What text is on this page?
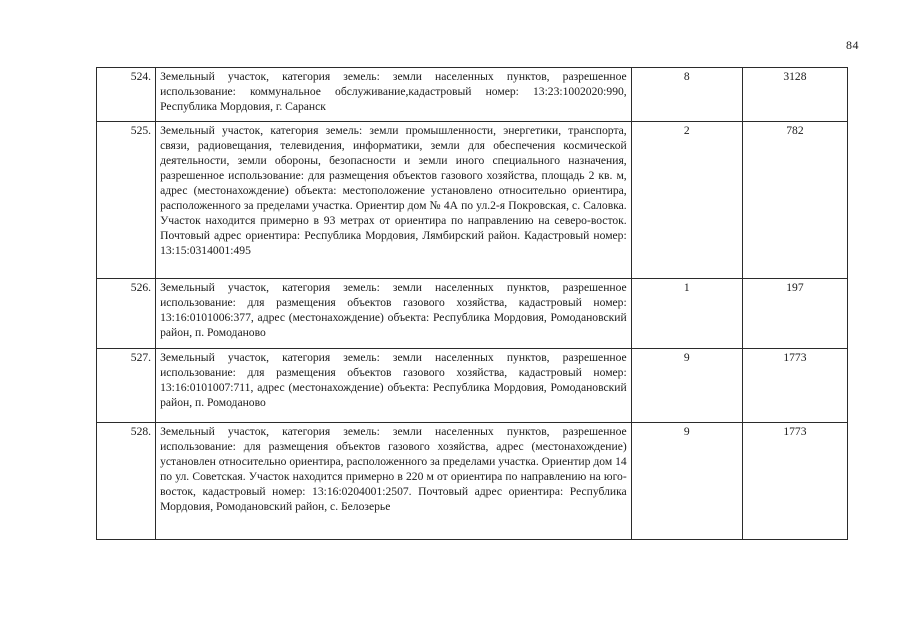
84
524.	Земельный участок, категория земель: земли населенных пунктов, разрешенное использование: коммунальное обслуживание,кадастровый номер: 13:23:1002020:990, Республика Мордовия, г. Саранск	8	3128
525.	Земельный участок, категория земель: земли промышленности, энергетики, транспорта, связи, радиовещания, телевидения, информатики, земли для обеспечения космической деятельности, земли обороны, безопасности и земли иного специального назначения, разрешенное использование: для размещения объектов газового хозяйства, площадь 2 кв. м, адрес (местонахождение) объекта: местоположение установлено относительно ориентира, расположенного за пределами участка. Ориентир дом № 4А по ул.2-я Покровская, с. Саловка. Участок находится примерно в 93 метрах от ориентира по направлению на северо-восток. Почтовый адрес ориентира: Республика Мордовия, Лямбирский район. Кадастровый номер: 13:15:0314001:495	2	782
526.	Земельный участок, категория земель: земли населенных пунктов, разрешенное использование: для размещения объектов газового хозяйства, кадастровый номер: 13:16:0101006:377, адрес (местонахождение) объекта: Республика Мордовия, Ромодановский район, п. Ромоданово	1	197
527.	Земельный участок, категория земель: земли населенных пунктов, разрешенное использование: для размещения объектов газового хозяйства, кадастровый номер: 13:16:0101007:711, адрес (местонахождение) объекта: Республика Мордовия, Ромодановский район, п. Ромоданово	9	1773
528.	Земельный участок, категория земель: земли населенных пунктов, разрешенное использование: для размещения объектов газового хозяйства, адрес (местонахождение) установлен относительно ориентира, расположенного за пределами участка. Ориентир дом 14 по ул. Советская. Участок находится примерно в 220 м от ориентира по направлению на юго-восток, кадастровый номер: 13:16:0204001:2507. Почтовый адрес ориентира: Республика Мордовия, Ромодановский район, с. Белозерье	9	1773
